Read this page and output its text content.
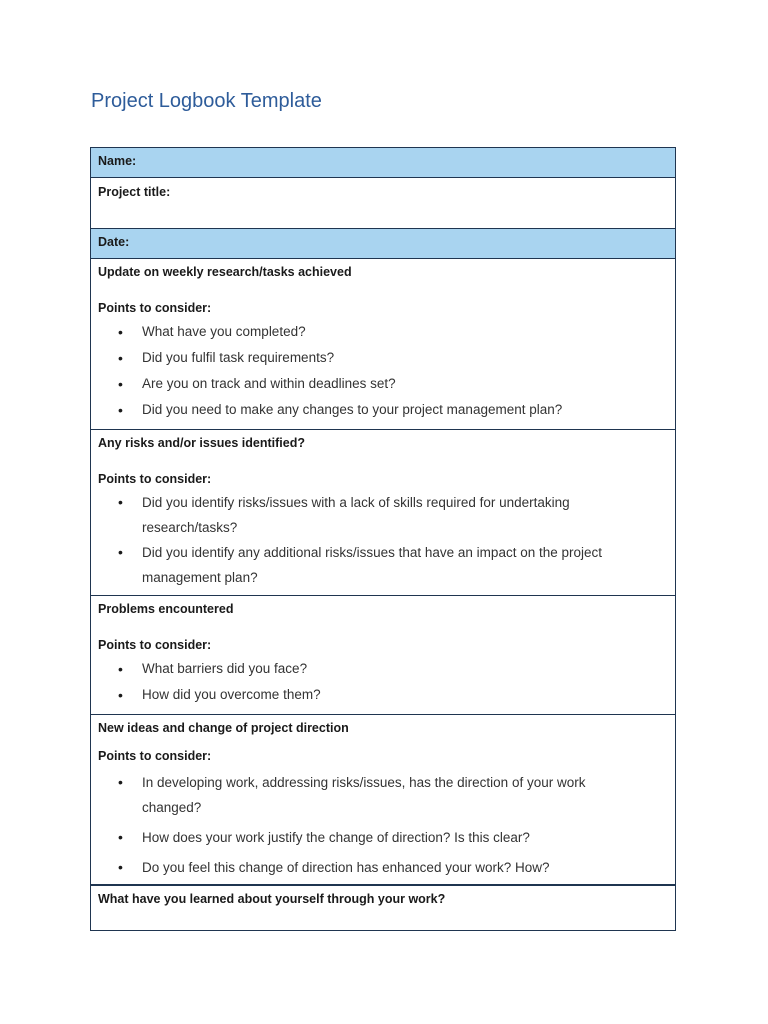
Project Logbook Template
Name:
Project title:
Date:
Update on weekly research/tasks achieved
Points to consider:
• What have you completed?
• Did you fulfil task requirements?
• Are you on track and within deadlines set?
• Did you need to make any changes to your project management plan?
Any risks and/or issues identified?
Points to consider:
• Did you identify risks/issues with a lack of skills required for undertaking research/tasks?
• Did you identify any additional risks/issues that have an impact on the project management plan?
Problems encountered
Points to consider:
• What barriers did you face?
• How did you overcome them?
New ideas and change of project direction
Points to consider:
• In developing work, addressing risks/issues, has the direction of your work changed?
• How does your work justify the change of direction? Is this clear?
• Do you feel this change of direction has enhanced your work? How?
What have you learned about yourself through your work?
